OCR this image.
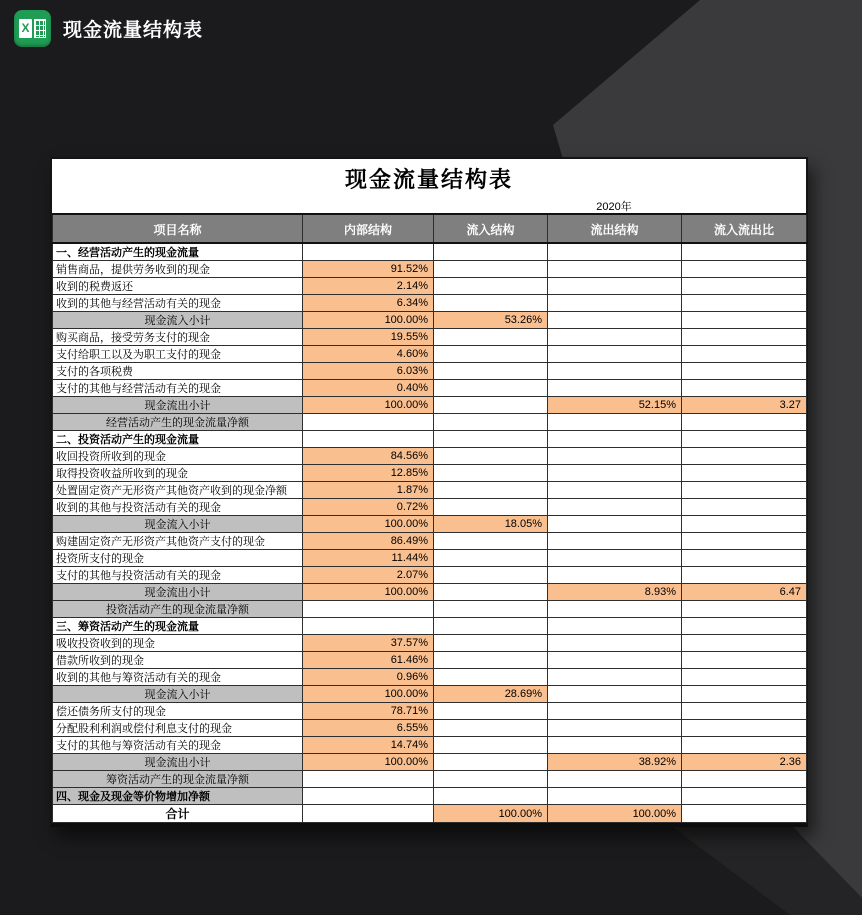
X 现金流量结构表
现金流量结构表
2020年
项目名称	内部结构	流入结构	流出结构	流入流出比
一、经营活动产生的现金流量				
销售商品，提供劳务收到的现金	91.52%			
收到的税费返还	2.14%			
收到的其他与经营活动有关的现金	6.34%			
现金流入小计	100.00%	53.26%		
购买商品，接受劳务支付的现金	19.55%			
支付给职工以及为职工支付的现金	4.60%			
支付的各项税费	6.03%			
支付的其他与经营活动有关的现金	0.40%			
现金流出小计	100.00%		52.15%	3.27
经营活动产生的现金流量净额				
二、投资活动产生的现金流量				
收回投资所收到的现金	84.56%			
取得投资收益所收到的现金	12.85%			
处置固定资产无形资产其他资产收到的现金净额	1.87%			
收到的其他与投资活动有关的现金	0.72%			
现金流入小计	100.00%	18.05%		
购建固定资产无形资产其他资产支付的现金	86.49%			
投资所支付的现金	11.44%			
支付的其他与投资活动有关的现金	2.07%			
现金流出小计	100.00%		8.93%	6.47
投资活动产生的现金流量净额				
三、筹资活动产生的现金流量				
吸收投资收到的现金	37.57%			
借款所收到的现金	61.46%			
收到的其他与筹资活动有关的现金	0.96%			
现金流入小计	100.00%	28.69%		
偿还债务所支付的现金	78.71%			
分配股利利润或偿付利息支付的现金	6.55%			
支付的其他与筹资活动有关的现金	14.74%			
现金流出小计	100.00%		38.92%	2.36
筹资活动产生的现金流量净额				
四、现金及现金等价物增加净额				
合计		100.00%	100.00%	
